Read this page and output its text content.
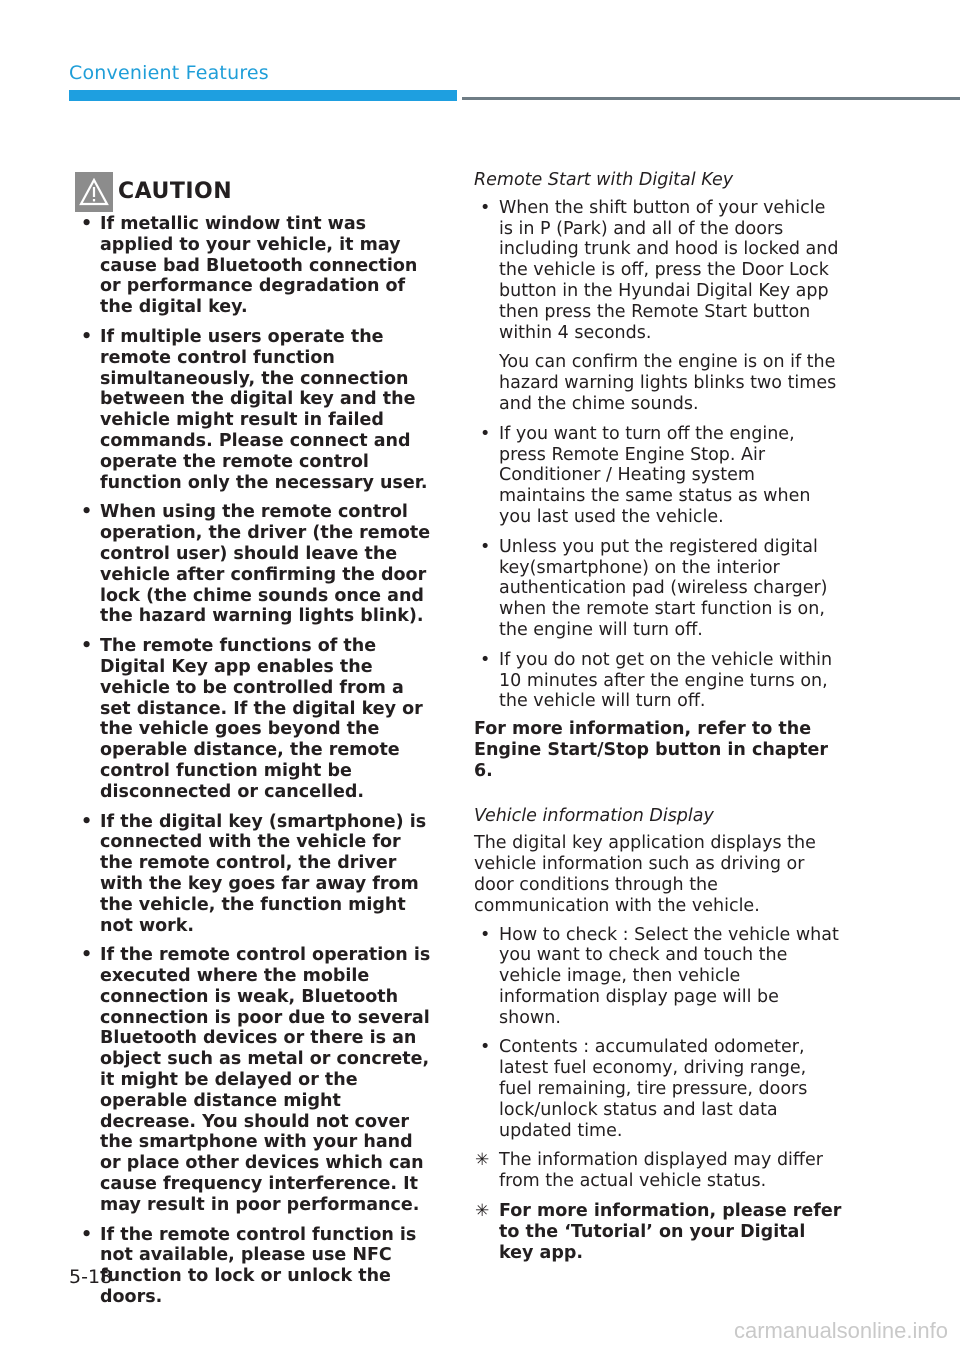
Convenient Features
CAUTION
• If metallic window tint was applied to your vehicle, it may cause bad Bluetooth connection or performance degradation of the digital key.
• If multiple users operate the remote control function simultaneously, the connection between the digital key and the vehicle might result in failed commands. Please connect and operate the remote control function only the necessary user.
• When using the remote control operation, the driver (the remote control user) should leave the vehicle after confirming the door lock (the chime sounds once and the hazard warning lights blink).
• The remote functions of the Digital Key app enables the vehicle to be controlled from a set distance. If the digital key or the vehicle goes beyond the operable distance, the remote control function might be disconnected or cancelled.
• If the digital key (smartphone) is connected with the vehicle for the remote control, the driver with the key goes far away from the vehicle, the function might not work.
• If the remote control operation is executed where the mobile connection is weak, Bluetooth connection is poor due to several Bluetooth devices or there is an object such as metal or concrete, it might be delayed or the operable distance might decrease. You should not cover the smartphone with your hand or place other devices which can cause frequency interference. It may result in poor performance.
• If the remote control function is not available, please use NFC function to lock or unlock the doors.

Remote Start with Digital Key

• When the shift button of your vehicle is in P (Park) and all of the doors including trunk and hood is locked and the vehicle is off, press the Door Lock button in the Hyundai Digital Key app then press the Remote Start button within 4 seconds.

You can confirm the engine is on if the hazard warning lights blinks two times and the chime sounds.

• If you want to turn off the engine, press Remote Engine Stop. Air Conditioner / Heating system maintains the same status as when you last used the vehicle.
• Unless you put the registered digital key(smartphone) on the interior authentication pad (wireless charger) when the remote start function is on, the engine will turn off.
• If you do not get on the vehicle within 10 minutes after the engine turns on, the vehicle will turn off.

For more information, refer to the Engine Start/Stop button in chapter 6.

Vehicle information Display

The digital key application displays the vehicle information such as driving or door conditions through the communication with the vehicle.

• How to check : Select the vehicle what you want to check and touch the vehicle image, then vehicle information display page will be shown.
• Contents : accumulated odometer, latest fuel economy, driving range, fuel remaining, tire pressure, doors lock/unlock status and last data updated time.
✳ The information displayed may differ from the actual vehicle status.
✳ For more information, please refer to the ‘Tutorial’ on your Digital key app.
5-18
carmanualsonline.info
